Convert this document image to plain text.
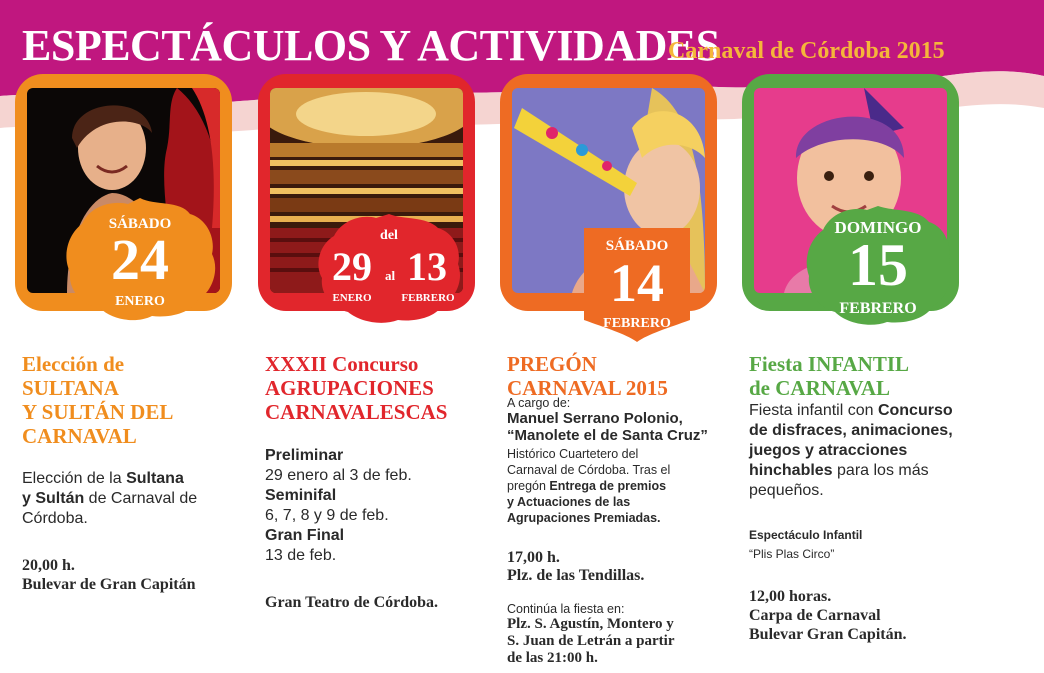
ESPECTÁCULOS Y ACTIVIDADES
Carnaval de Córdoba 2015
SÁBADO
24
ENERO
Elección de
SULTANA
Y SULTÁN DEL
CARNAVAL
Elección de la Sultana
y Sultán de Carnaval de
Córdoba.
20,00 h.
Bulevar de Gran Capitán
del
29 al 13
ENERO	FEBRERO
XXXII Concurso
AGRUPACIONES
CARNAVALESCAS
Preliminar
29 enero al 3 de feb.
Seminifal
6, 7, 8 y 9 de feb.
Gran Final
13 de feb.
Gran Teatro de Córdoba.
SÁBADO
14
FEBRERO
PREGÓN
CARNAVAL 2015
A cargo de:
Manuel Serrano Polonio,
“Manolete el de Santa Cruz”
Histórico Cuartetero del
Carnaval de Córdoba. Tras el
pregón Entrega de premios
y Actuaciones de las
Agrupaciones Premiadas.
17,00 h.
Plz. de las Tendillas.
Continúa la fiesta en:
Plz. S. Agustín, Montero y
S. Juan de Letrán a partir
de las 21:00 h.
DOMINGO
15
FEBRERO
Fiesta INFANTIL
de CARNAVAL
Fiesta infantil con Concurso
de disfraces, animaciones,
juegos y atracciones
hinchables para los más
pequeños.
Espectáculo Infantil
“Plis Plas Circo”
12,00 horas.
Carpa de Carnaval
Bulevar Gran Capitán.
